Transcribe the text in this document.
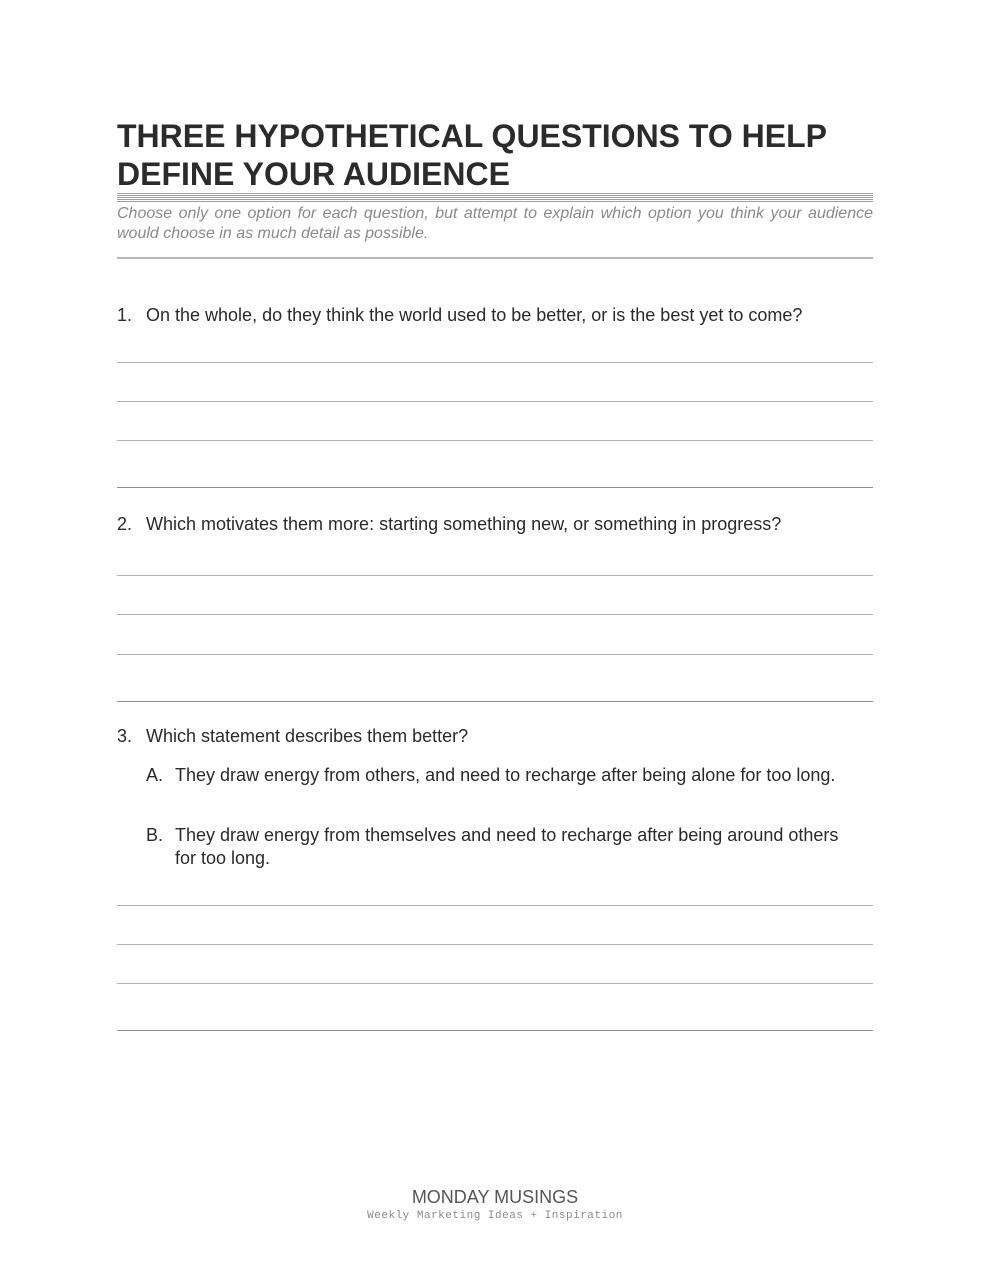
THREE HYPOTHETICAL QUESTIONS TO HELP DEFINE YOUR AUDIENCE

Choose only one option for each question, but attempt to explain which option you think your audience would choose in as much detail as possible.

1. On the whole, do they think the world used to be better, or is the best yet to come?
2. Which motivates them more: starting something new, or something in progress?
3. Which statement describes them better?
A. They draw energy from others, and need to recharge after being alone for too long.
B. They draw energy from themselves and need to recharge after being around others for too long.
MONDAY MUSINGS
Weekly Marketing Ideas + Inspiration
